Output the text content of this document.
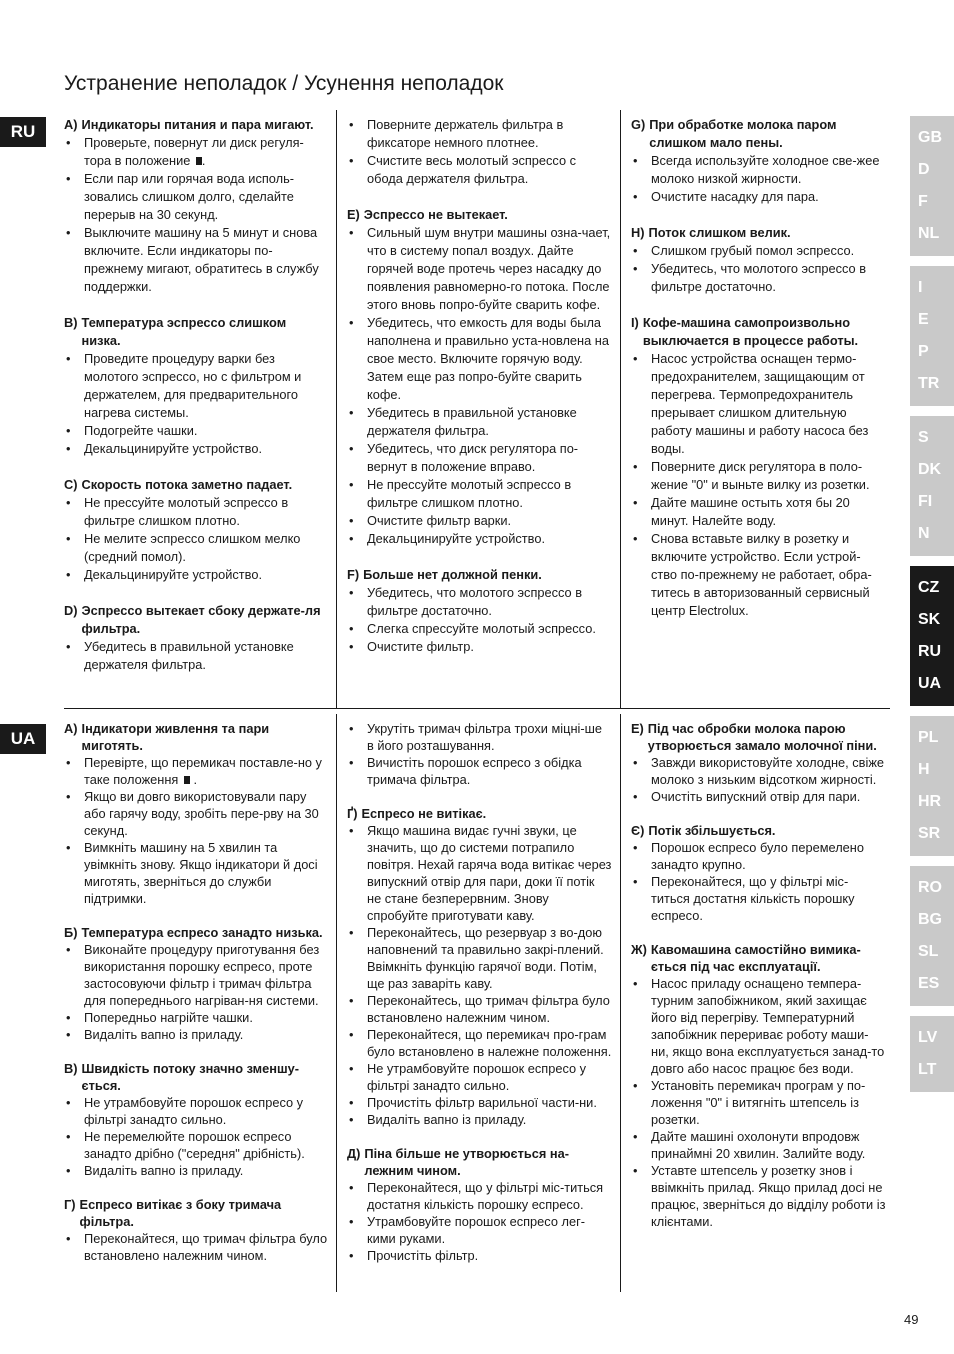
Устранение неполадок / Усунення неполадок
RU
UA
A) Индикаторы питания и пара мигают.
• Проверьте, повернут ли диск регуля-тора в положение .
• Если пар или горячая вода исполь-зовались слишком долго, сделайте перерыв на 30 секунд.
• Выключите машину на 5 минут и снова включите. Если индикаторы по-прежнему мигают, обратитесь в службу поддержки.
B) Температура эспрессо слишком низка.
• Проведите процедуру варки без молотого эспрессо, но с фильтром и держателем, для предварительного нагрева системы.
• Подогрейте чашки.
• Декальцинируйте устройство.
C) Скорость потока заметно падает.
• Не прессуйте молотый эспрессо в фильтре слишком плотно.
• Не мелите эспрессо слишком мелко (средний помол).
• Декальцинируйте устройство.
D) Эспрессо вытекает сбоку держате-ля фильтра.
• Убедитесь в правильной установке держателя фильтра.
• Поверните держатель фильтра в фиксаторе немного плотнее.
• Счистите весь молотый эспрессо с обода держателя фильтра.
E) Эспрессо не вытекает.
• Сильный шум внутри машины озна-чает, что в систему попал воздух. Дайте горячей воде протечь через насадку до появления равномерно-го потока. После этого вновь попро-буйте сварить кофе.
• Убедитесь, что емкость для воды была наполнена и правильно уста-новлена на свое место. Включите горячую воду. Затем еще раз попро-буйте сварить кофе.
• Убедитесь в правильной установке держателя фильтра.
• Убедитесь, что диск регулятора по-вернут в положение вправо.
• Не прессуйте молотый эспрессо в фильтре слишком плотно.
• Очистите фильтр варки.
• Декальцинируйте устройство.
F) Больше нет должной пенки.
• Убедитесь, что молотого эспрессо в фильтре достаточно.
• Слегка спрессуйте молотый эспрессо.
• Очистите фильтр.
G) При обработке молока паром слишком мало пены.
• Всегда используйте холодное све-жее молоко низкой жирности.
• Очистите насадку для пара.
H) Поток слишком велик.
• Слишком грубый помол эспрессо.
• Убедитесь, что молотого эспрессо в фильтре достаточно.
I) Кофе-машина самопроизвольно выключается в процессе работы.
• Насос устройства оснащен термо-предохранителем, защищающим от перегрева. Термопредохранитель прерывает слишком длительную работу машины и работу насоса без воды.
• Поверните диск регулятора в поло-жение "0" и выньте вилку из розетки.
• Дайте машине остыть хотя бы 20 минут. Налейте воду.
• Снова вставьте вилку в розетку и включите устройство. Если устрой-ство по-прежнему не работает, обра-титесь в авторизованный сервисный центр Electrolux.
А) Індикатори живлення та пари миготять.
• Перевірте, що перемикач поставле-но у таке положення  .
• Якщо ви довго використовували пару або гарячу воду, зробіть пере-рву на 30 секунд.
• Вимкніть машину на 5 хвилин та увімкніть знову. Якщо індикатори й досі миготять, зверніться до служби підтримки.
Б) Температура еспресо занадто низька.
• Виконайте процедуру приготування без використання порошку еспресо, проте застосовуючи фільтр і тримач фільтра для попереднього нагріван-ня системи.
• Попередньо нагрійте чашки.
• Видаліть вапно із приладу.
В) Швидкість потоку значно зменшу-ється.
• Не утрамбовуйте порошок еспресо у фільтрі занадто сильно.
• Не перемелюйте порошок еспресо занадто дрібно ("середня" дрібність).
• Видаліть вапно із приладу.
Г) Еспресо витікає з боку тримача фільтра.
• Переконайтеся, що тримач фільтра було встановлено належним чином.
• Укрутіть тримач фільтра трохи міцні-ше в його розташування.
• Вичистіть порошок еспресо з обідка тримача фільтра.
Ґ) Еспресо не витікає.
• Якщо машина видає гучні звуки, це значить, що до системи потрапило повітря. Нехай гаряча вода витікає через випускний отвір для пари, доки її потік не стане безперервним. Знову спробуйте приготувати каву.
• Переконайтесь, що резервуар з во-дою наповнений та правильно закрі-плений. Ввімкніть функцію гарячої води. Потім, ще раз заваріть каву.
• Переконайтесь, що тримач фільтра було встановлено належним чином.
• Переконайтеся, що перемикач про-грам було встановлено в належне положення.
• Не утрамбовуйте порошок еспресо у фільтрі занадто сильно.
• Прочистіть фільтр варильної части-ни.
• Видаліть вапно із приладу.
Д) Піна більше не утворюється на-лежним чином.
• Переконайтеся, що у фільтрі міс-титься достатня кількість порошку еспресо.
• Утрамбовуйте порошок еспресо лег-кими руками.
• Прочистіть фільтр.
Е) Під час обробки молока парою утворюється замало молочної піни.
• Завжди використовуйте холодне, свіже молоко з низьким відсотком жирності.
• Очистіть випускний отвір для пари.
Є) Потік збільшується.
• Порошок еспресо було перемелено занадто крупно.
• Переконайтеся, що у фільтрі міс-титься достатня кількість порошку еспресо.
Ж) Кавомашина самостійно вимика-ється під час експлуатації.
• Насос приладу оснащено темпера-турним запобіжником, який захищає його від перегріву. Температурний запобіжник перериває роботу маши-ни, якщо вона експлуатується занад-то довго або насос працює без води.
• Установіть перемикач програм у по-ложення "0" і витягніть штепсель із розетки.
• Дайте машині охолонути впродовж принаймні 20 хвилин. Залийте воду.
• Уставте штепсель у розетку знов і ввімкніть прилад. Якщо прилад досі не працює, зверніться до відділу роботи із клієнтами.
GB
D
F
NL
I
E
P
TR
S
DK
FI
N
CZ
SK
RU
UA
PL
H
HR
SR
RO
BG
SL
ES
LV
LT
49
